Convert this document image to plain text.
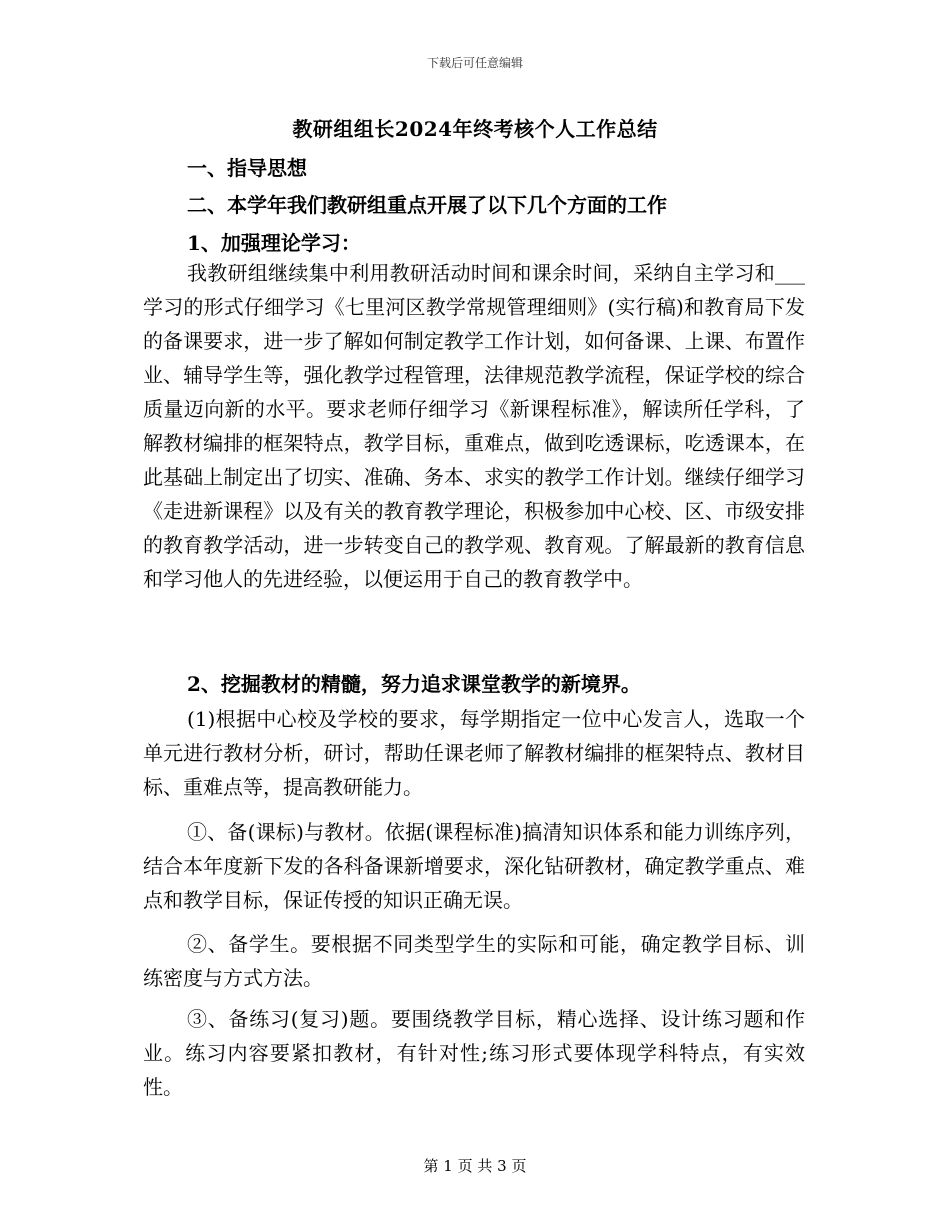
下载后可任意编辑
教研组组长2024年终考核个人工作总结
一、指导思想
二、本学年我们教研组重点开展了以下几个方面的工作
1、加强理论学习：

我教研组继续集中利用教研活动时间和课余时间，采纳自主学习和___学习的形式仔细学习《七里河区教学常规管理细则》(实行稿)和教育局下发的备课要求，进一步了解如何制定教学工作计划，如何备课、上课、布置作业、辅导学生等，强化教学过程管理，法律规范教学流程，保证学校的综合质量迈向新的水平。要求老师仔细学习《新课程标准》，解读所任学科，了解教材编排的框架特点，教学目标，重难点，做到吃透课标，吃透课本，在此基础上制定出了切实、准确、务本、求实的教学工作计划。继续仔细学习《走进新课程》以及有关的教育教学理论，积极参加中心校、区、市级安排的教育教学活动，进一步转变自己的教学观、教育观。了解最新的教育信息和学习他人的先进经验，以便运用于自己的教育教学中。

2、挖掘教材的精髓，努力追求课堂教学的新境界。

(1)根据中心校及学校的要求，每学期指定一位中心发言人，选取一个单元进行教材分析，研讨，帮助任课老师了解教材编排的框架特点、教材目标、重难点等，提高教研能力。

①、备(课标)与教材。依据(课程标准)搞清知识体系和能力训练序列，结合本年度新下发的各科备课新增要求，深化钻研教材，确定教学重点、难点和教学目标，保证传授的知识正确无误。

②、备学生。要根据不同类型学生的实际和可能，确定教学目标、训练密度与方式方法。

③、备练习(复习)题。要围绕教学目标，精心选择、设计练习题和作业。练习内容要紧扣教材，有针对性;练习形式要体现学科特点，有实效性。

第 1 页 共 3 页
